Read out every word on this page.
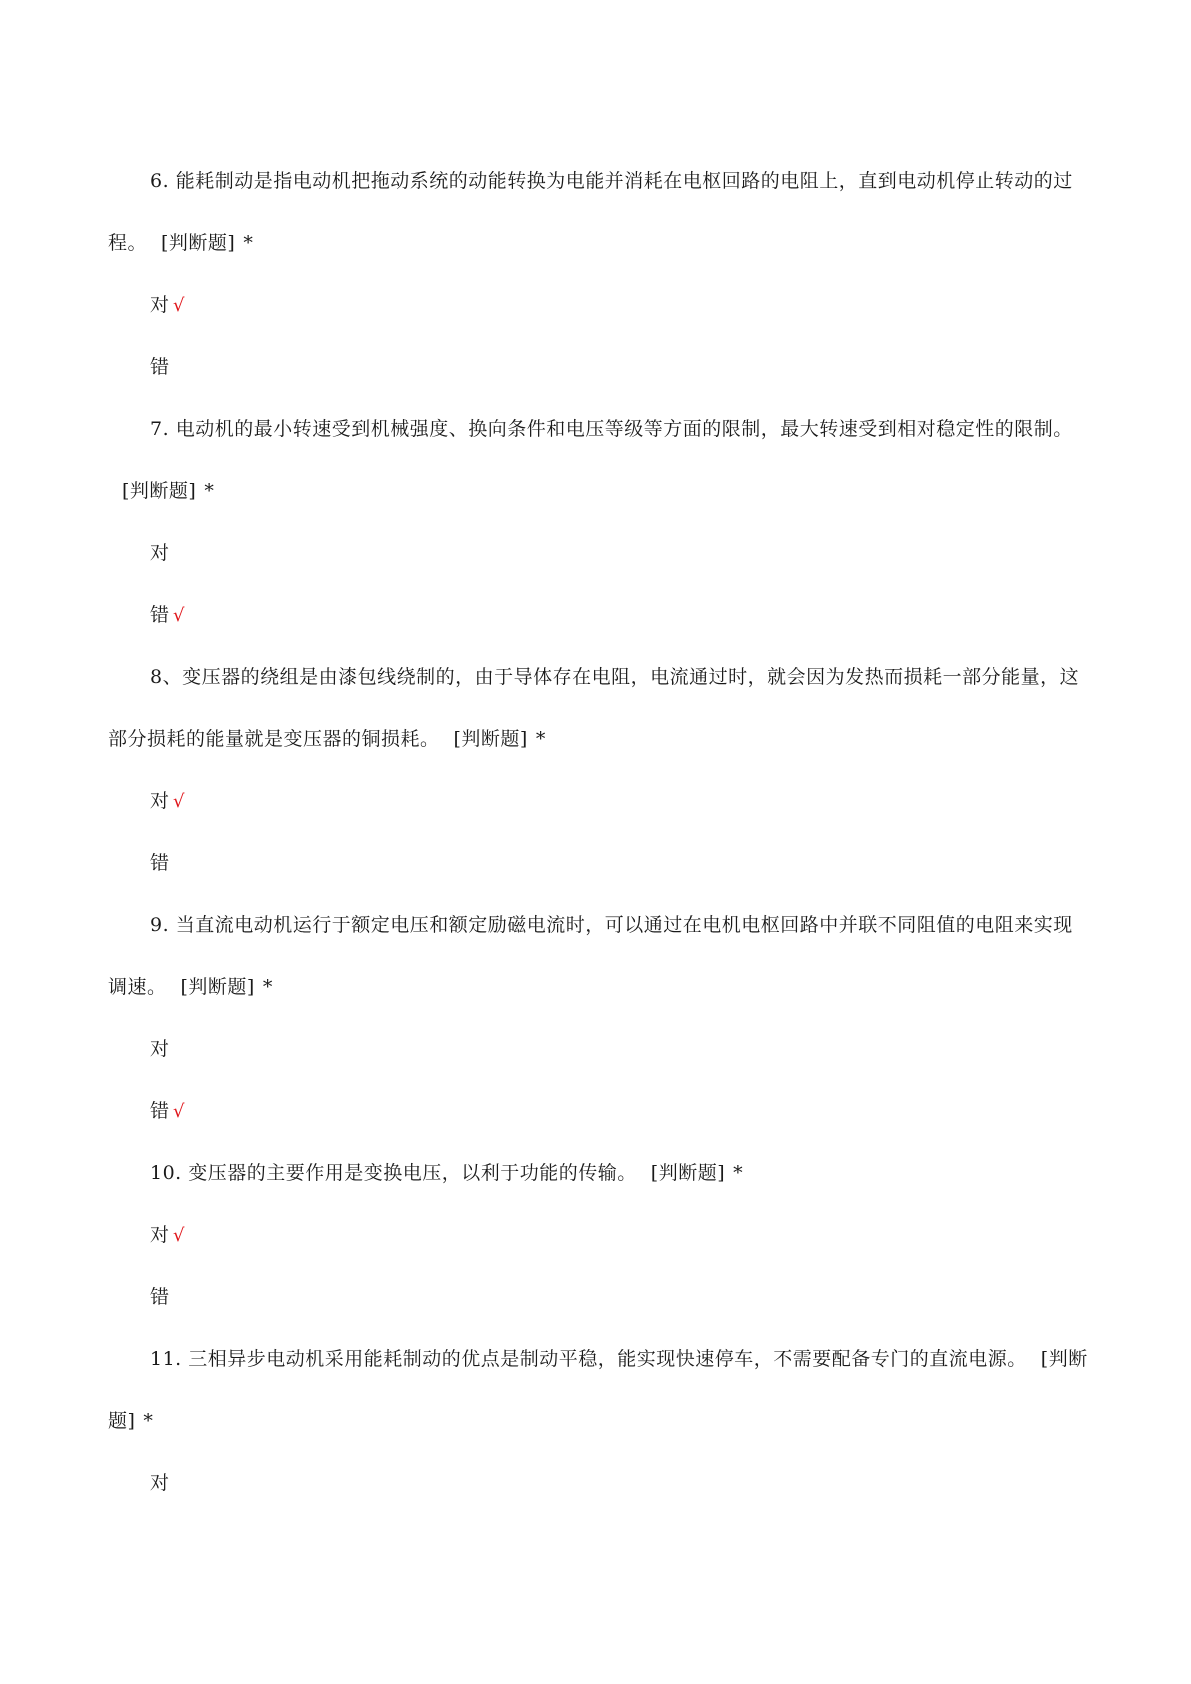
6. 能耗制动是指电动机把拖动系统的动能转换为电能并消耗在电枢回路的电阻上，直到电动机停止转动的过程。 [判断题] *

对 √

错

7. 电动机的最小转速受到机械强度、换向条件和电压等级等方面的限制，最大转速受到相对稳定性的限制。[判断题] *

对

错 √

8、变压器的绕组是由漆包线绕制的，由于导体存在电阻，电流通过时，就会因为发热而损耗一部分能量，这部分损耗的能量就是变压器的铜损耗。 [判断题] *

对 √

错

9. 当直流电动机运行于额定电压和额定励磁电流时，可以通过在电机电枢回路中并联不同阻值的电阻来实现调速。 [判断题] *

对

错 √

10. 变压器的主要作用是变换电压，以利于功能的传输。 [判断题] *

对 √

错

11. 三相异步电动机采用能耗制动的优点是制动平稳，能实现快速停车，不需要配备专门的直流电源。 [判断题] *

对
